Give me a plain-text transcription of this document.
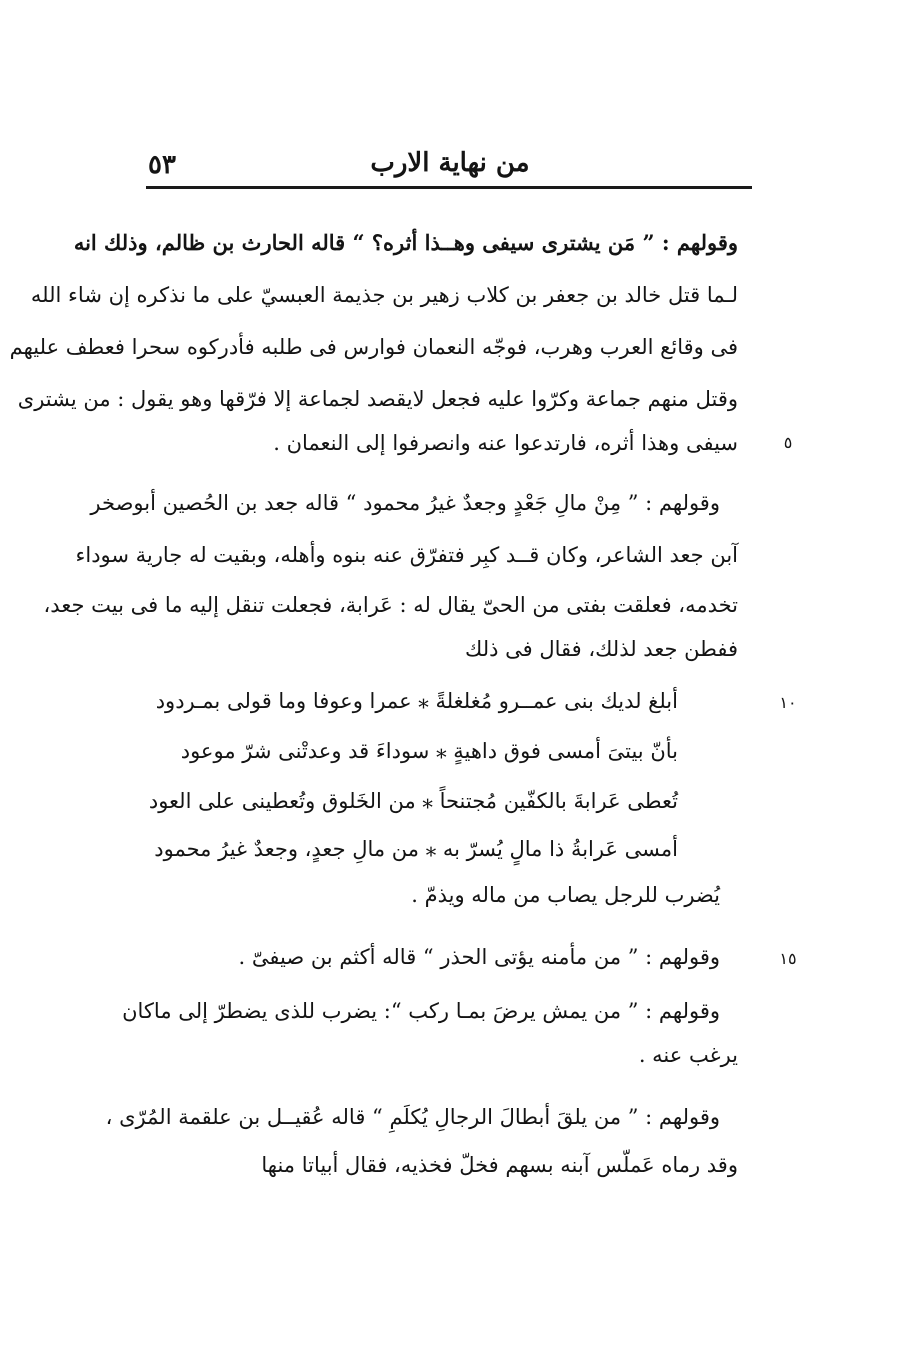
من نهاية الارب
٥٣
وقولهم : ” مَن يشترى سيفى وهــذا أثره؟ “ قاله الحارث بن ظالم، وذلك انه
لـما قتل خالد بن جعفر بن كلاب زهير بن جذيمة العبسيّ على ما نذكره إن شاء الله
فى وقائع العرب وهرب، فوجّه النعمان فوارس فى طلبه فأدركوه سحرا فعطف عليهم
وقتل منهم جماعة وكرّوا عليه فجعل لايقصد لجماعة إلا فرّقها وهو يقول : من يشترى
سيفى وهذا أثره، فارتدعوا عنه وانصرفوا إلى النعمان .	٥
وقولهم : ” مِنْ مالِ جَعْدٍ وجعدٌ غيرُ محمود “ قاله جعد بن الحُصين أبوصخر
آبن جعد الشاعر، وكان قــد كبِر فتفرّق عنه بنوه وأهله، وبقيت له جارية سوداء
تخدمه، فعلقت بفتى من الحىّ يقال له : عَرابة، فجعلت تنقل إليه ما فى بيت جعد،
ففطن جعد لذلك، فقال فى ذلك
أبلغ لديك بنى عمــرو مُغلغلةً ⁎ عمرا وعوفا وما قولى بمـردود	١٠
بأنّ بيتىَ أمسى فوق داهيةٍ ⁎ سوداءَ قد وعدتْنى شرّ موعود
تُعطى عَرابةَ بالكفّين مُجتنحاً ⁎ من الخَلوق وتُعطينى على العود
أمسى عَرابةُ ذا مالٍ يُسرّ به ⁎ من مالِ جعدٍ، وجعدٌ غيرُ محمود
يُضرب للرجل يصاب من ماله ويذمّ .
وقولهم : ” من مأمنه يؤتى الحذر “ قاله أكثم بن صيفىّ .	١٥
وقولهم : ” من يمش يرضَ بمـا ركب “: يضرب للذى يضطرّ إلى ماكان
يرغب عنه .
وقولهم : ” من يلقَ أبطالَ الرجالِ يُكلَمِ “ قاله عُقيــل بن علقمة المُرّى ،
وقد رماه عَملّس آبنه بسهم فخلّ فخذيه، فقال أبياتا منها
